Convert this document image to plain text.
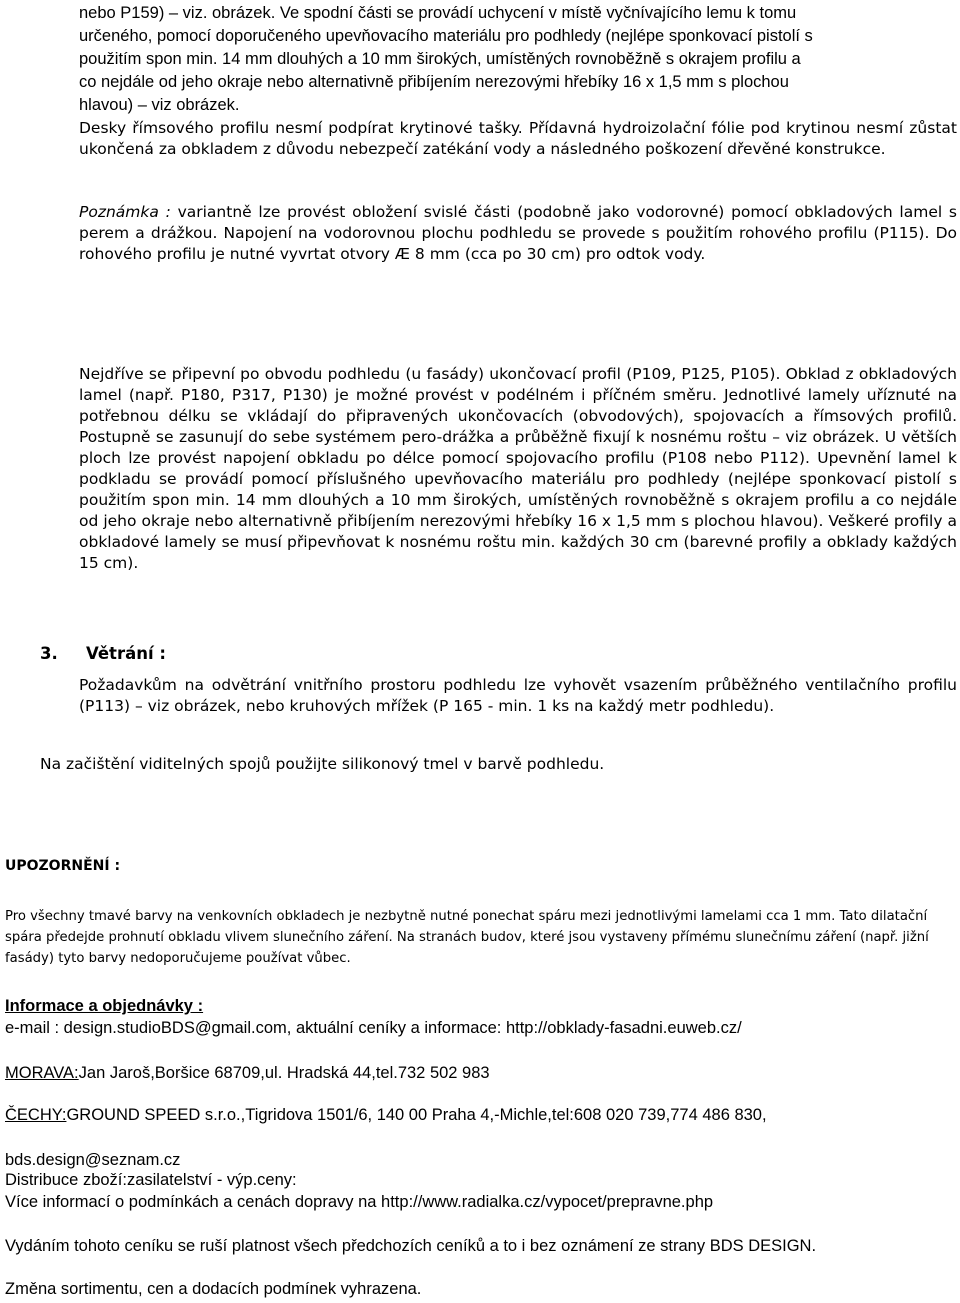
nebo P159) – viz. obrázek. Ve spodní části se provádí uchycení v místě vyčnívajícího lemu k tomu
určeného, pomocí doporučeného upevňovacího materiálu pro podhledy (nejlépe sponkovací pistolí s
použitím spon min. 14 mm dlouhých a 10 mm širokých, umístěných rovnoběžně s okrajem profilu a
co nejdále od jeho okraje nebo alternativně přibíjením nerezovými hřebíky 16 x 1,5 mm s plochou
hlavou) – viz obrázek.

Desky římsového profilu nesmí podpírat krytinové tašky. Přídavná hydroizolační fólie pod krytinou nesmí zůstat ukončená za obkladem z důvodu nebezpečí zatékání vody a následného poškození dřevěné konstrukce.

Poznámka : variantně lze provést obložení svislé části (podobně jako vodorovné) pomocí obkladových lamel s perem a drážkou. Napojení na vodorovnou plochu podhledu se provede s použitím rohového profilu (P115). Do rohového profilu je nutné vyvrtat otvory Æ 8 mm (cca po 30 cm) pro odtok vody.

Nejdříve se připevní po obvodu podhledu (u fasády) ukončovací profil (P109, P125, P105). Obklad z obkladových lamel (např. P180, P317, P130) je možné provést v podélném i příčném směru. Jednotlivé lamely uříznuté na potřebnou délku se vkládají do připravených ukončovacích (obvodových), spojovacích a římsových profilů. Postupně se zasunují do sebe systémem pero-drážka a průběžně fixují k nosnému roštu – viz obrázek. U větších ploch lze provést napojení obkladu po délce pomocí spojovacího profilu (P108 nebo P112). Upevnění lamel k podkladu se provádí pomocí příslušného upevňovacího materiálu pro podhledy (nejlépe sponkovací pistolí s použitím spon min. 14 mm dlouhých a 10 mm širokých, umístěných rovnoběžně s okrajem profilu a co nejdále od jeho okraje nebo alternativně přibíjením nerezovými hřebíky 16 x 1,5 mm s plochou hlavou). Veškeré profily a obkladové lamely se musí připevňovat k nosnému roštu min. každých 30 cm (barevné profily a obklady každých 15 cm).

3. Větrání :

Požadavkům na odvětrání vnitřního prostoru podhledu lze vyhovět vsazením průběžného ventilačního profilu (P113) – viz obrázek, nebo kruhových mřížek (P 165 - min. 1 ks na každý metr podhledu).

Na začištění viditelných spojů použijte silikonový tmel v barvě podhledu.

UPOZORNĚNÍ :

Pro všechny tmavé barvy na venkovních obkladech je nezbytně nutné ponechat spáru mezi jednotlivými lamelami cca 1 mm. Tato dilatační spára předejde prohnutí obkladu vlivem slunečního záření. Na stranách budov, které jsou vystaveny přímému slunečnímu záření (např. jižní fasády) tyto barvy nedoporučujeme používat vůbec.

Informace a objednávky :
e-mail : design.studioBDS@gmail.com, aktuální ceníky a informace: http://obklady-fasadni.euweb.cz/
MORAVA:Jan Jaroš,Boršice 68709,ul. Hradská 44,tel.732 502 983
ČECHY:GROUND SPEED s.r.o.,Tigridova 1501/6, 140 00 Praha 4,-Michle,tel:608 020 739,774 486 830,
bds.design@seznam.cz
Distribuce zboží:zasilatelství - výp.ceny:
Více informací o podmínkách a cenách dopravy na http://www.radialka.cz/vypocet/prepravne.php
Vydáním tohoto ceníku se ruší platnost všech předchozích ceníků a to i bez oznámení ze strany BDS DESIGN.
Změna sortimentu, cen a dodacích podmínek vyhrazena.
